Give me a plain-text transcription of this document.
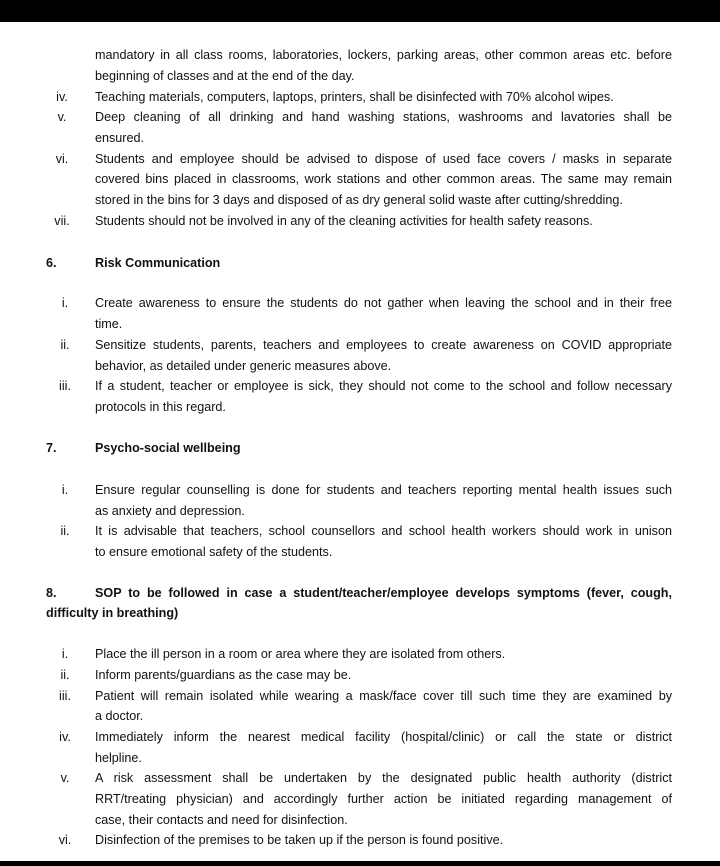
mandatory in all class rooms, laboratories, lockers, parking areas, other common areas etc. before
beginning of classes and at the end of the day.
iv.	Teaching materials, computers, laptops, printers, shall be disinfected with 70% alcohol wipes.
v.	Deep cleaning of all drinking and hand washing stations, washrooms and lavatories shall be
ensured.
vi.	Students and employee should be advised to dispose of used face covers / masks in separate
covered bins placed in classrooms, work stations and other common areas. The same may remain
stored in the bins for 3 days and disposed of as dry general solid waste after cutting/shredding.
vii.	Students should not be involved in any of the cleaning activities for health safety reasons.
6.	Risk Communication
i.	Create awareness to ensure the students do not gather when leaving the school and in their free
time.
ii.	Sensitize students, parents, teachers and employees to create awareness on COVID appropriate
behavior, as detailed under generic measures above.
iii.	If a student, teacher or employee is sick, they should not come to the school and follow necessary
protocols in this regard.
7.	Psycho-social wellbeing
i.	Ensure regular counselling is done for students and teachers reporting mental health issues such
as anxiety and depression.
ii.	It is advisable that teachers, school counsellors and school health workers should work in unison
to ensure emotional safety of the students.
8.	SOP to be followed in case a student/teacher/employee develops symptoms (fever, cough,
difficulty in breathing)
i.	Place the ill person in a room or area where they are isolated from others.
ii.	Inform parents/guardians as the case may be.
iii.	Patient will remain isolated while wearing a mask/face cover till such time they are examined by
a doctor.
iv.	Immediately inform the nearest medical facility (hospital/clinic) or call the state or district
helpline.
v.	A risk assessment shall be undertaken by the designated public health authority (district
RRT/treating physician) and accordingly further action be initiated regarding management of
case, their contacts and need for disinfection.
vi.	Disinfection of the premises to be taken up if the person is found positive.
